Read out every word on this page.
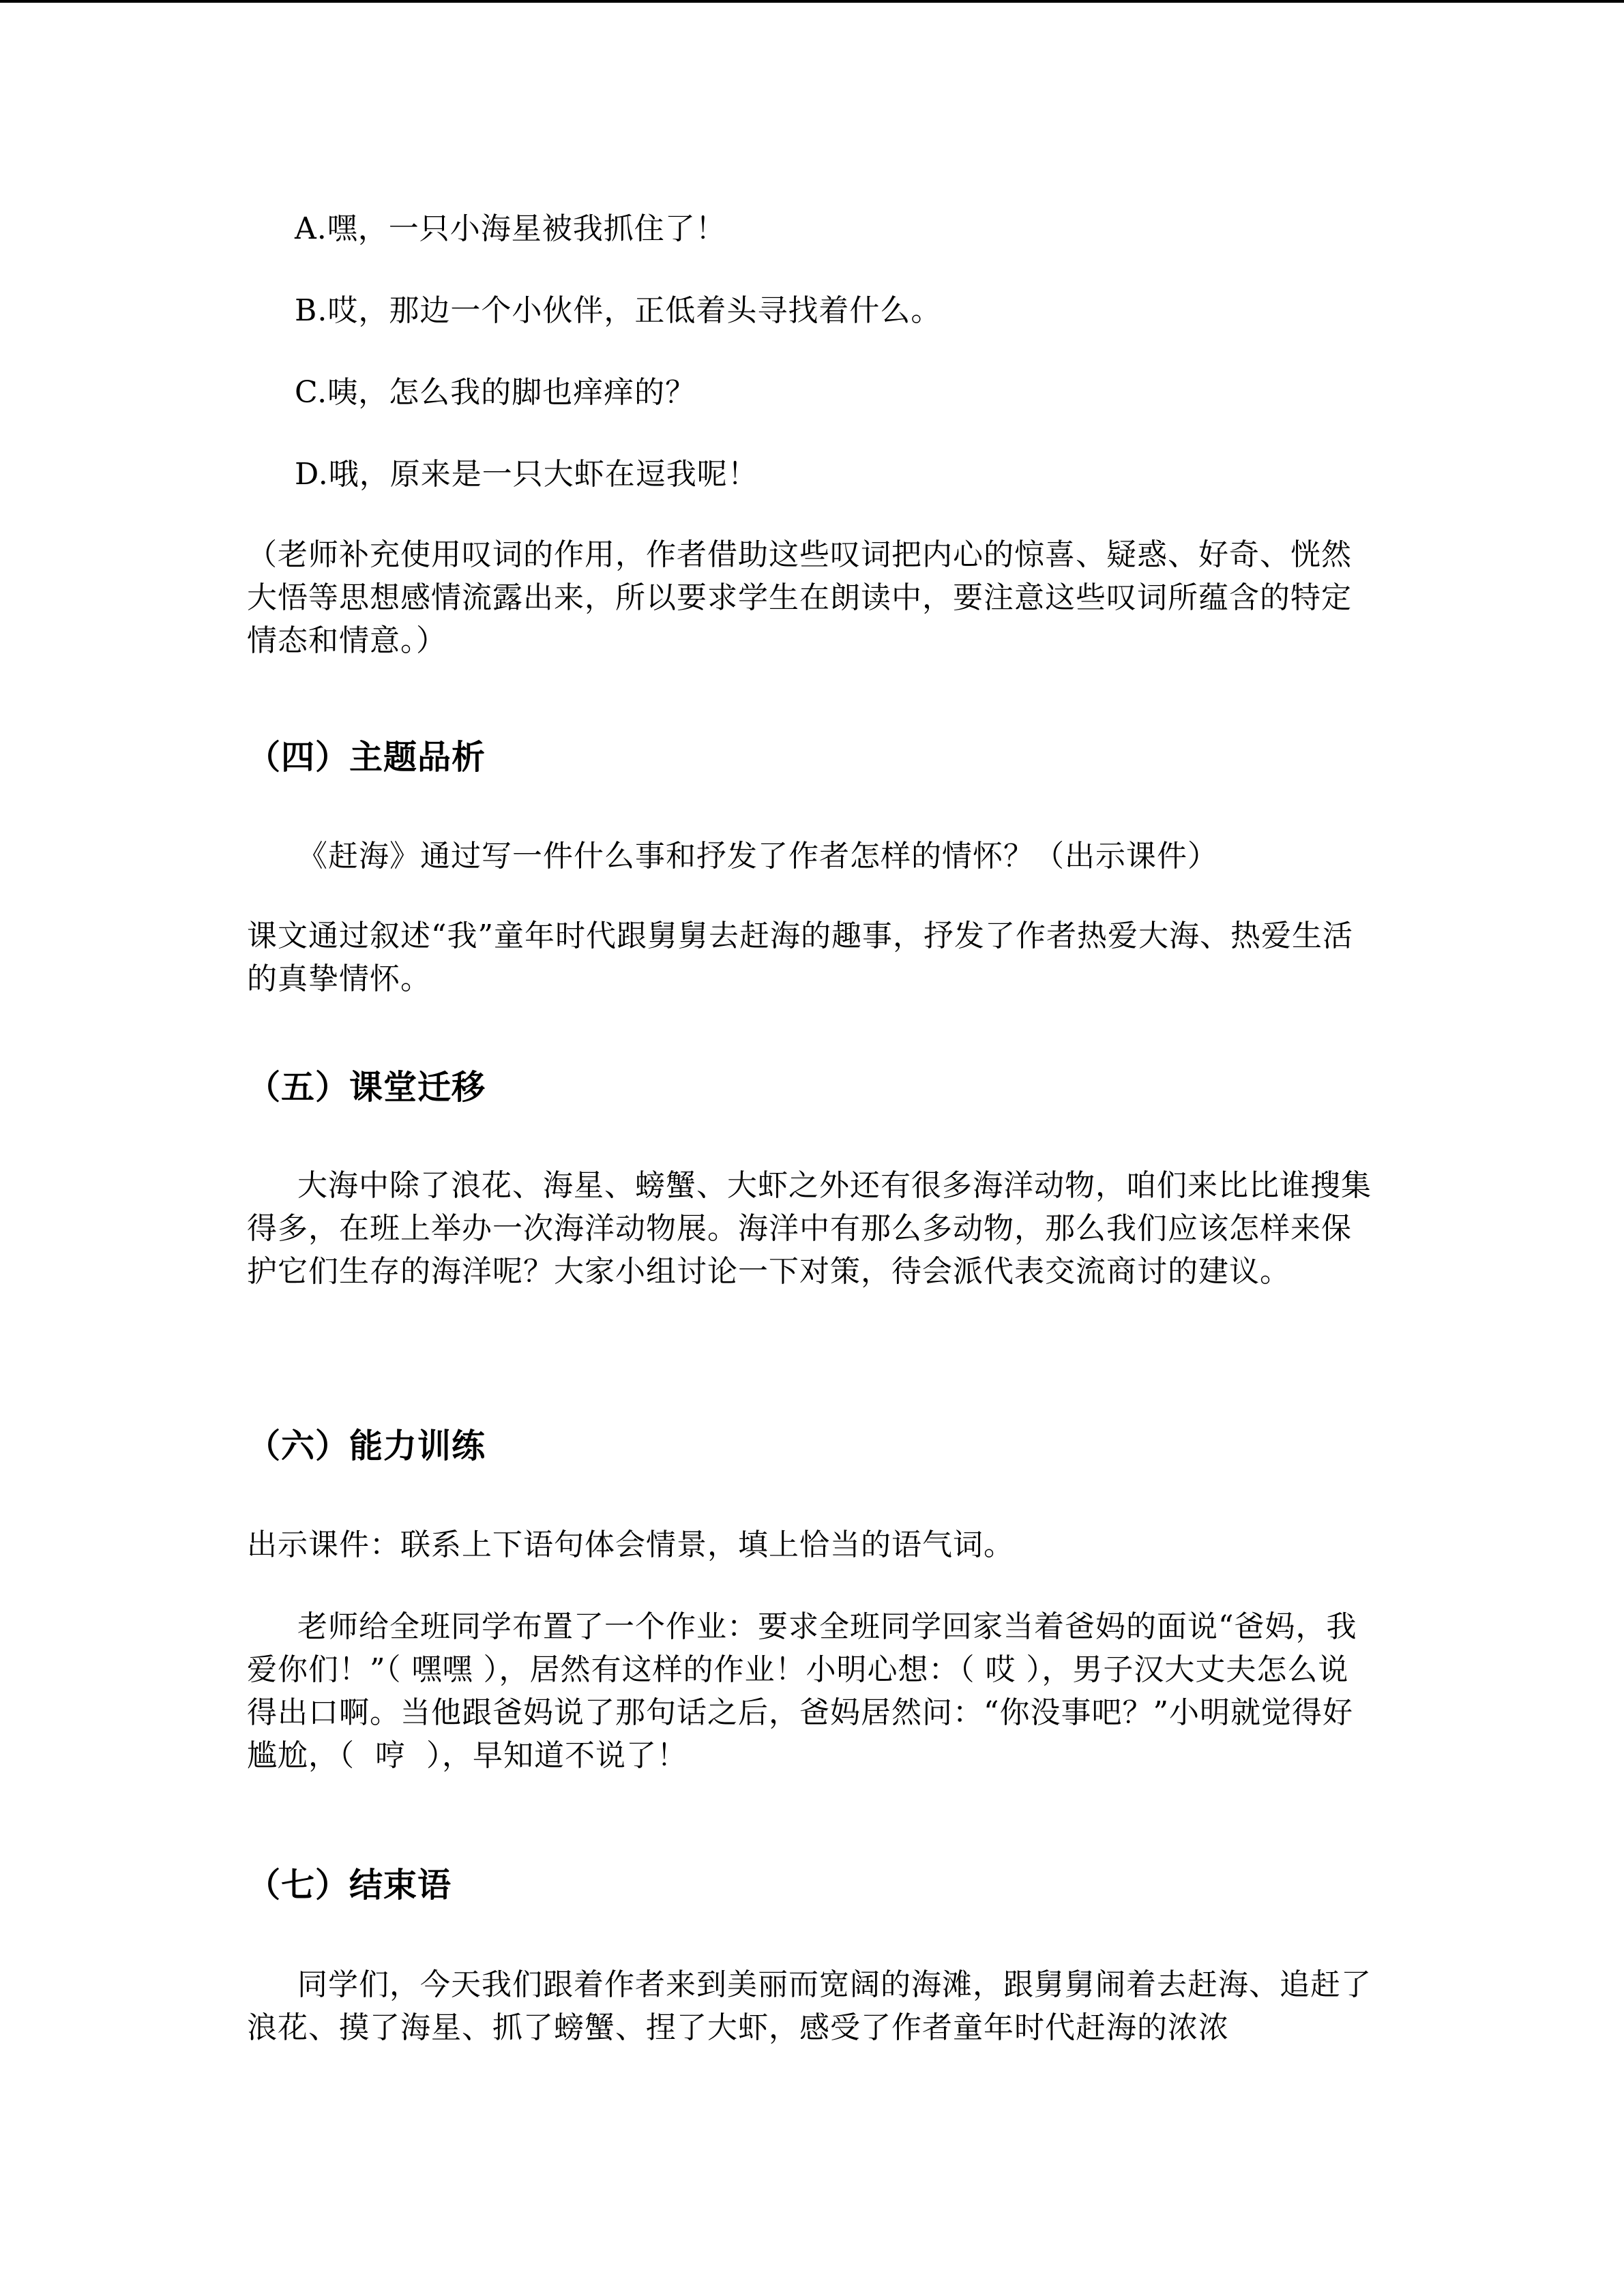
A.嘿，一只小海星被我抓住了！

B.哎，那边一个小伙伴，正低着头寻找着什么。

C.咦，怎么我的脚也痒痒的？

D.哦，原来是一只大虾在逗我呢！

（老师补充使用叹词的作用，作者借助这些叹词把内心的惊喜、疑惑、好奇、恍然大悟等思想感情流露出来，所以要求学生在朗读中，要注意这些叹词所蕴含的特定情态和情意。）

（四）主题品析

《赶海》通过写一件什么事和抒发了作者怎样的情怀？（出示课件）

课文通过叙述“我”童年时代跟舅舅去赶海的趣事，抒发了作者热爱大海、热爱生活的真挚情怀。

（五）课堂迁移

大海中除了浪花、海星、螃蟹、大虾之外还有很多海洋动物，咱们来比比谁搜集得多，在班上举办一次海洋动物展。海洋中有那么多动物，那么我们应该怎样来保护它们生存的海洋呢？大家小组讨论一下对策，待会派代表交流商讨的建议。

（六）能力训练

出示课件：联系上下语句体会情景，填上恰当的语气词。

老师给全班同学布置了一个作业：要求全班同学回家当着爸妈的面说“爸妈，我爱你们！”（ 嘿嘿 ），居然有这样的作业！小明心想：（ 哎 ），男子汉大丈夫怎么说得出口啊。当他跟爸妈说了那句话之后，爸妈居然问：“你没事吧？”小明就觉得好尴尬，（  哼  ），早知道不说了！

（七）结束语

同学们，今天我们跟着作者来到美丽而宽阔的海滩，跟舅舅闹着去赶海、追赶了浪花、摸了海星、抓了螃蟹、捏了大虾，感受了作者童年时代赶海的浓浓
